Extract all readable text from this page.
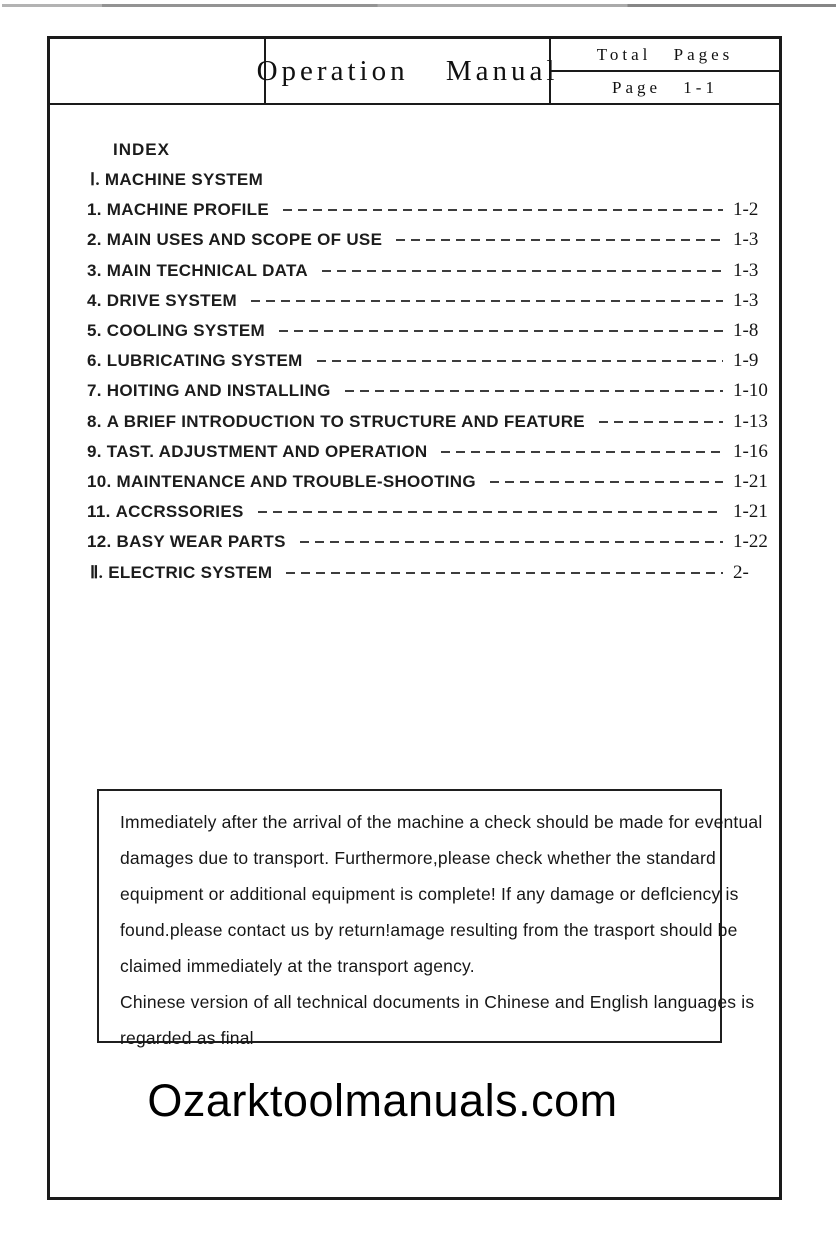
Operation Manual
Total Pages
Page 1-1
INDEX
Ⅰ. MACHINE SYSTEM
1. MACHINE PROFILE	1-2
2. MAIN USES AND SCOPE OF USE	1-3
3. MAIN TECHNICAL DATA	1-3
4. DRIVE SYSTEM	1-3
5. COOLING SYSTEM	1-8
6. LUBRICATING SYSTEM	1-9
7. HOITING AND INSTALLING	1-10
8. A BRIEF INTRODUCTION TO STRUCTURE AND FEATURE	1-13
9. TAST. ADJUSTMENT AND OPERATION	1-16
10. MAINTENANCE AND TROUBLE-SHOOTING	1-21
11. ACCRSSORIES	1-21
12. BASY WEAR PARTS	1-22
Ⅱ. ELECTRIC SYSTEM	2-
Immediately after the arrival of the machine a check should be made for eventual
damages due to transport. Furthermore,please check whether the standard
equipment or additional equipment is complete! If any damage or deflciency is
found.please contact us by return!amage resulting from the trasport should be
claimed immediately at the transport agency.
Chinese version of all technical documents in Chinese and English languages is
regarded as final
Ozarktoolmanuals.com
